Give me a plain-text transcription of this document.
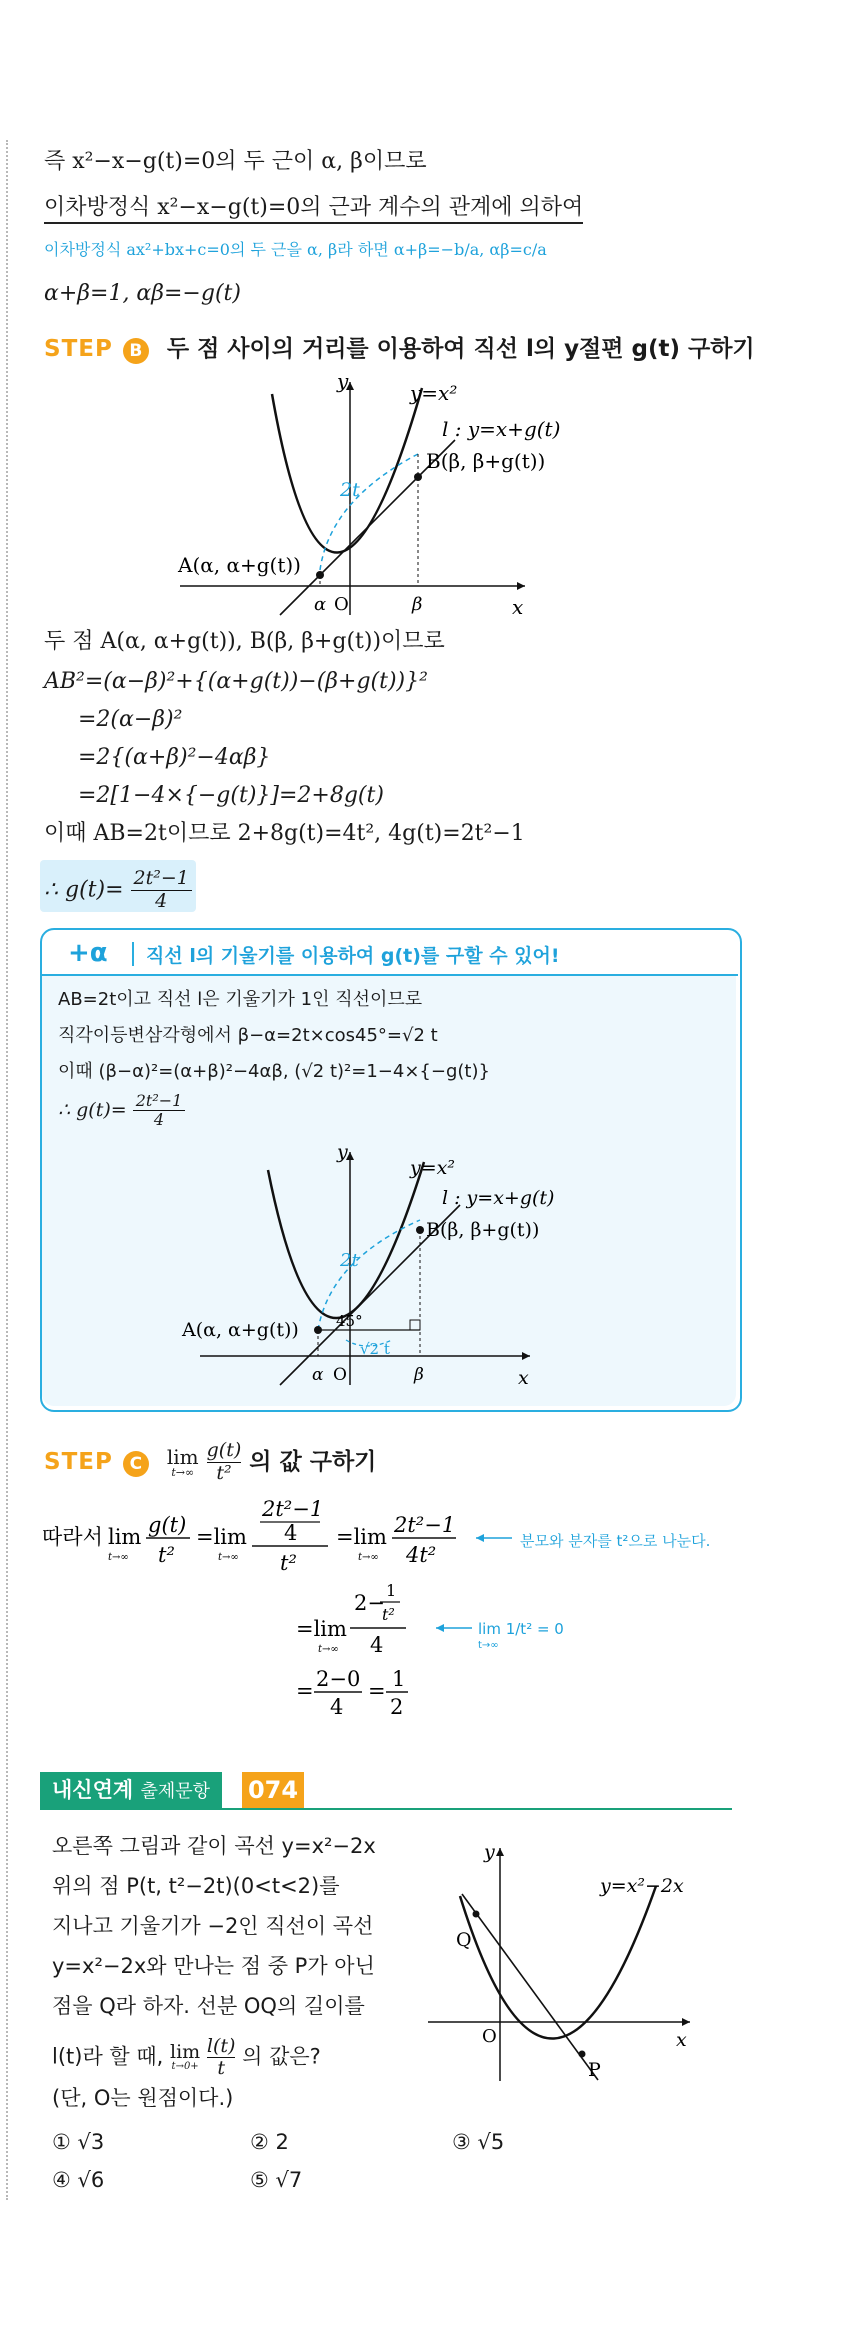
즉 x²−x−g(t)=0의 두 근이 α, β이므로
이차방정식 x²−x−g(t)=0의 근과 계수의 관계에 의하여
이차방정식 ax²+bx+c=0의 두 근을 α, β라 하면 α+β=−b/a, αβ=c/a
α+β=1, αβ=−g(t)
STEP B 두 점 사이의 거리를 이용하여 직선 l의 y절편 g(t) 구하기
y
x
O
α	β
y=x²
l : y=x+g(t)
B(β, β+g(t))
A(α, α+g(t))
2t
두 점 A(α, α+g(t)), B(β, β+g(t))이므로
AB²=(α−β)²+{(α+g(t))−(β+g(t))}²
=2(α−β)²
=2{(α+β)²−4αβ}
=2[1−4×{−g(t)}]=2+8g(t)
이때 AB=2t이므로 2+8g(t)=4t², 4g(t)=2t²−1
∴ $g(t)= \frac{\text{2t²−1}}{4}$
+α 직선 l의 기울기를 이용하여 g(t)를 구할 수 있어!
AB=2t이고 직선 l은 기울기가 1인 직선이므로
직각이등변삼각형에서 β−α=2t×cos45°=√2 t
이때 (β−α)²=(α+β)²−4αβ, (√2 t)²=1−4×{−g(t)}
∴ $g(t)= \frac{\text{2t²−1}}{4}$
y
x
O
α	β
y=x²
l : y=x+g(t)
B(β, β+g(t))
A(α, α+g(t))
2t
45°
√2 t
STEP C lim
t→∞
$\frac{g(t)}{\text{t²}}$ 의 값 구하기
따라서 lim
t→∞
g(t)
t²
=lim
t→∞
2t²−1
4
t²
=lim
t→∞
2t²−1
4t²
=lim
t→∞
2−
1
t²
4
= 2−0
4
= 1
2
분모와 분자를 t²으로 나눈다.
lim 1/t² = 0
t→∞
내신연계 출제문항	074
오른쪽 그림과 같이 곡선 y=x²−2x
위의 점 P(t, t²−2t)(0<t<2)를
지나고 기울기가 −2인 직선이 곡선
y=x²−2x와 만나는 점 중 P가 아닌
점을 Q라 하자. 선분 OQ의 길이를
l(t)라 할 때, lim
t→0+
$\frac{l(t)}{t}$ 의 값은?
(단, O는 원점이다.)
① √3	② 2	③ √5
④ √6	⑤ √7
Q
P
O	x
y
y=x²−2x
